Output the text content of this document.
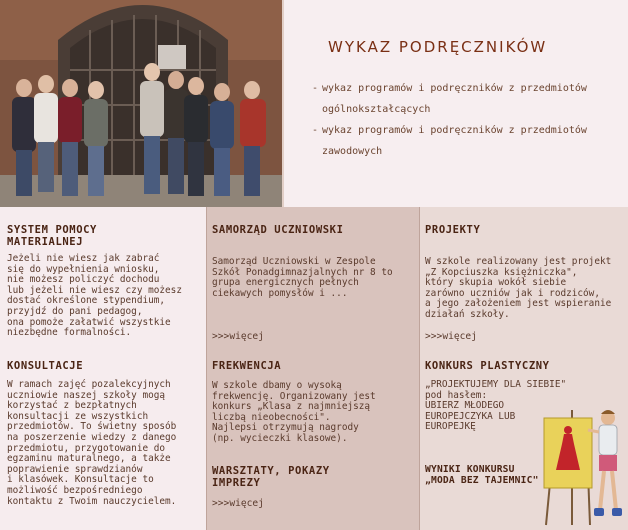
WYKAZ PODRĘCZNIKÓW
- wykaz programów i podręczników z przedmiotów
ogólnokształcących
- wykaz programów i podręczników z przedmiotów
zawodowych
SYSTEM POMOCY
MATERIALNEJ
Jeżeli nie wiesz jak zabrać
się do wypełnienia wniosku,
nie możesz policzyć dochodu
lub jeżeli nie wiesz czy możesz
dostać określone stypendium,
przyjdź do pani pedagog,
ona pomoże załatwić wszystkie
niezbędne formalności.
KONSULTACJE
W ramach zajęć pozalekcyjnych
uczniowie naszej szkoły mogą
korzystać z bezpłatnych
konsultacji ze wszystkich
przedmiotów. To świetny sposób
na poszerzenie wiedzy z danego
przedmiotu, przygotowanie do
egzaminu maturalnego, a także
poprawienie sprawdzianów
i klasówek. Konsultacje to
możliwość bezpośredniego
kontaktu z Twoim nauczycielem.
SAMORZĄD UCZNIOWSKI
Samorząd Uczniowski w Zespole
Szkół Ponadgimnazjalnych nr 8 to
grupa energicznych pełnych
ciekawych pomysłów i ...
>>>więcej
FREKWENCJA
W szkole dbamy o wysoką
frekwencję. Organizowany jest
konkurs „Klasa z najmniejszą
liczbą nieobecności".
Najlepsi otrzymują nagrody
(np. wycieczki klasowe).
WARSZTATY, POKAZY
IMPREZY
>>>więcej
PROJEKTY
W szkole realizowany jest projekt
„Z Kopciuszka księżniczka",
który skupia wokół siebie
zarówno uczniów jak i rodziców,
a jego założeniem jest wspieranie
działań szkoły.
>>>więcej
KONKURS PLASTYCZNY
„PROJEKTUJEMY DLA SIEBIE"
pod hasłem:
UBIERZ MŁODEGO
EUROPEJCZYKA LUB
EUROPEJKĘ
WYNIKI KONKURSU
„MODA BEZ TAJEMNIC"
